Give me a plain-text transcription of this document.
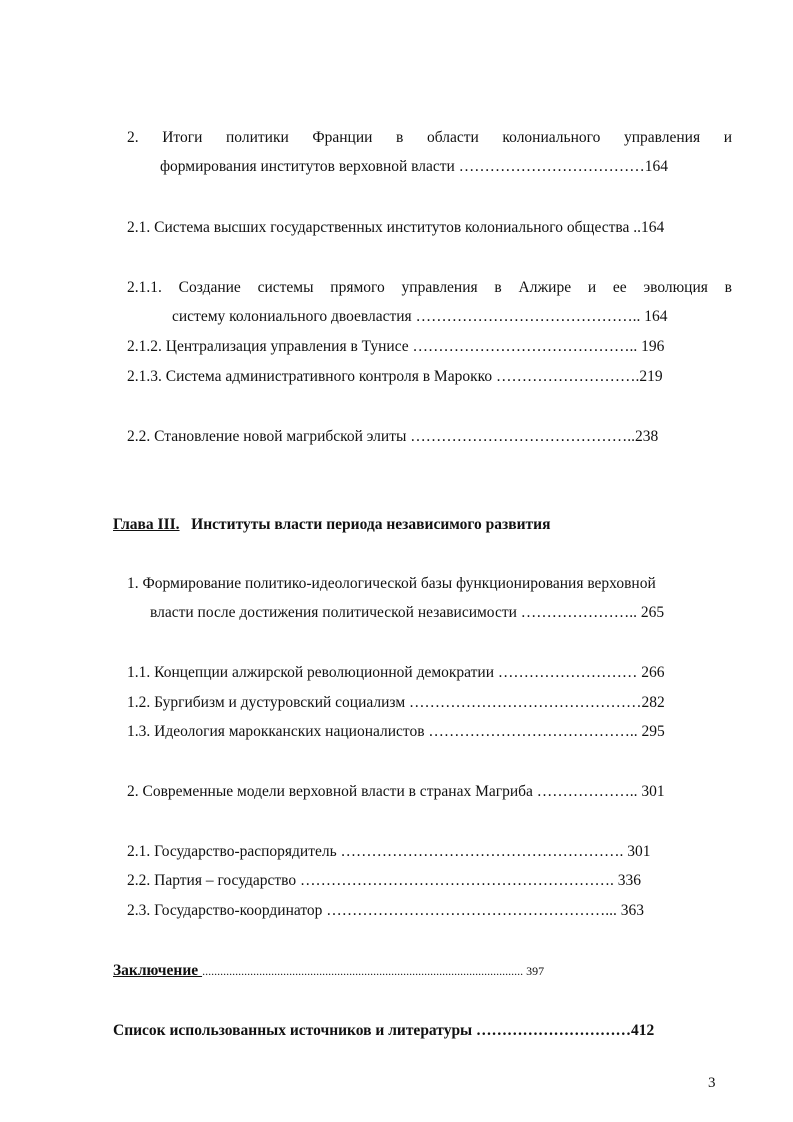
2. Итоги политики Франции в области колониального управления и
формирования институтов верховной власти ………………………………164
2.1. Система высших государственных институтов колониального общества ..164
2.1.1. Создание системы прямого управления в Алжире и ее эволюция в
систему колониального двоевластия …………………………………….. 164
2.1.2. Централизация управления в Тунисе …………………………………….. 196
2.1.3. Система административного контроля в Марокко ……………………….219
2.2. Становление новой магрибской элиты ……………………………………..238
Глава III.   Институты власти периода независимого развития
1. Формирование политико-идеологической базы функционирования верховной
власти после достижения политической независимости ………………….. 265
1.1. Концепции алжирской революционной демократии ……………………… 266
1.2. Бургибизм и дустуровский социализм ………………………………………282
1.3. Идеология марокканских националистов ………………………………….. 295
2. Современные модели верховной власти в странах Магриба ……………….. 301
2.1. Государство-распорядитель ………………………………………………. 301
2.2. Партия – государство ……………………………………………………. 336
2.3. Государство-координатор ………………………………………………... 363
Заключение ........................................................................................................... 397
Список использованных источников и литературы …………………………412
3
